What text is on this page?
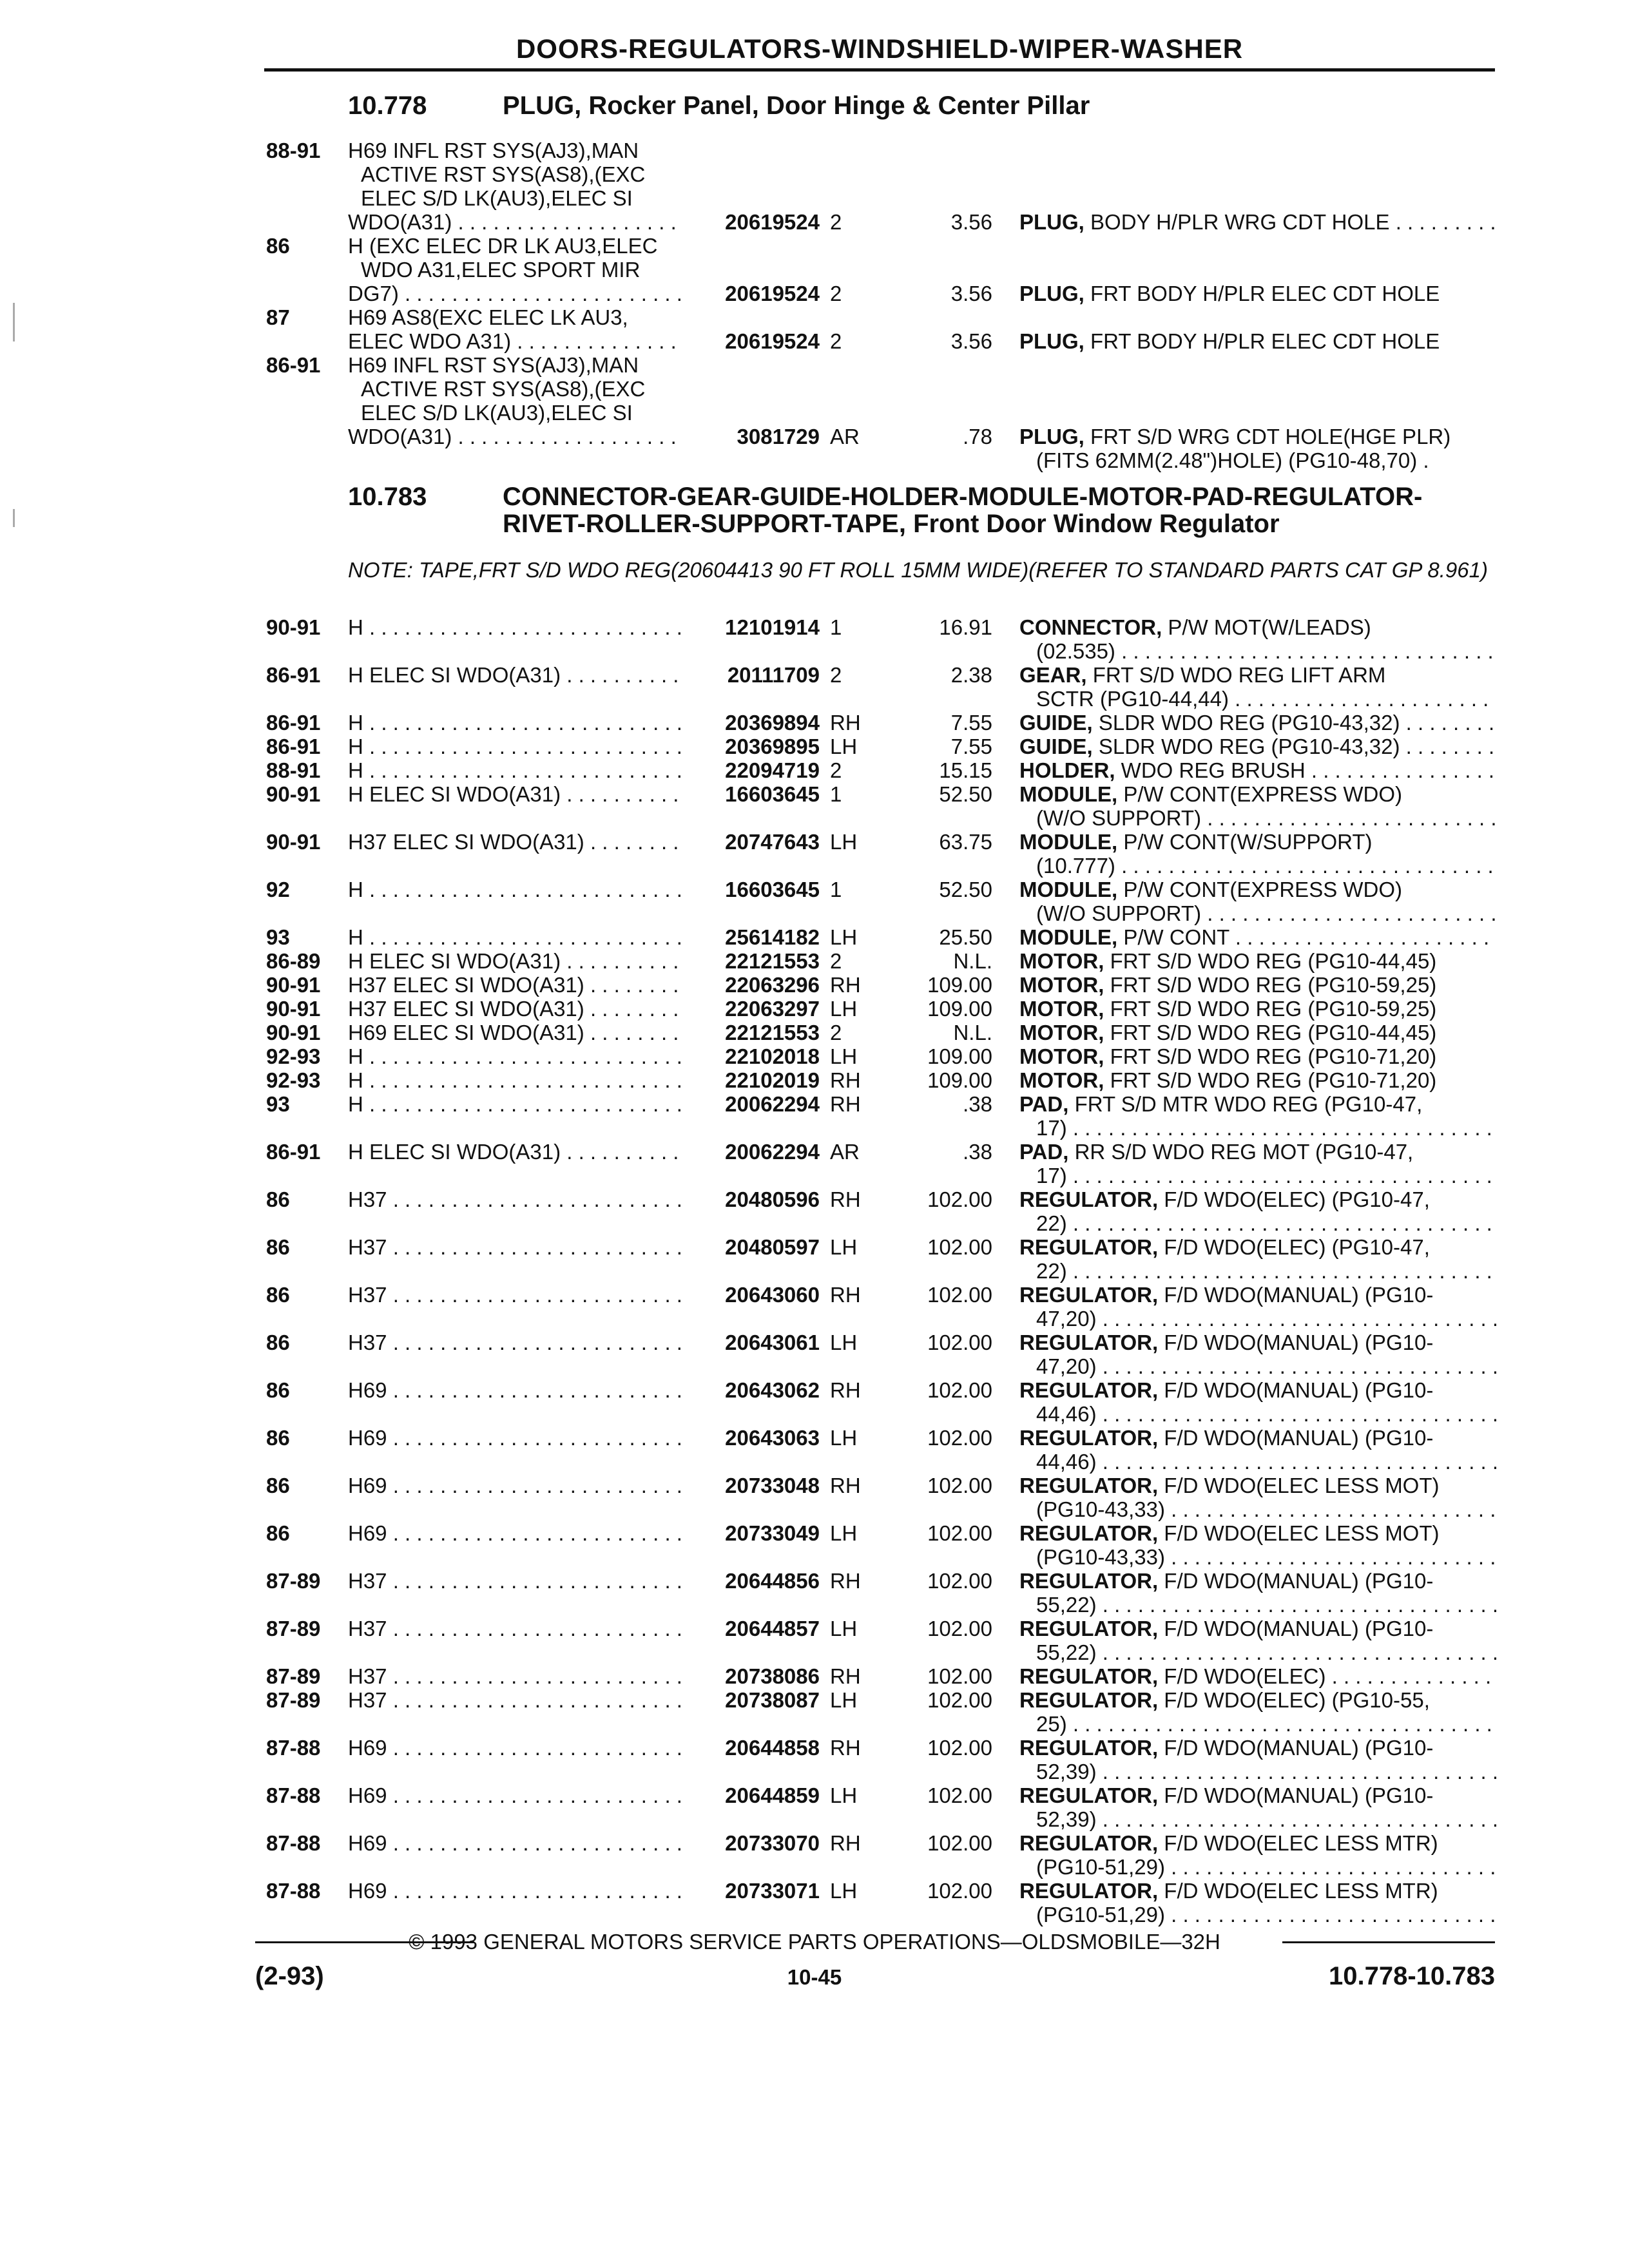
DOORS-REGULATORS-WINDSHIELD-WIPER-WASHER
10.778	PLUG, Rocker Panel, Door Hinge & Center Pillar
88-91 H69 INFL RST SYS(AJ3),MAN
ACTIVE RST SYS(AS8),(EXC
ELEC S/D LK(AU3),ELEC SI
WDO(A31) . . .	20619524 2	3.56 PLUG, BODY H/PLR WRG CDT HOLE . . .
86	H (EXC ELEC DR LK AU3,ELEC
WDO A31,ELEC SPORT MIR
DG7) . . .	20619524 2	3.56 PLUG, FRT BODY H/PLR ELEC CDT HOLE
87	H69 AS8(EXC ELEC LK AU3,
ELEC WDO A31) . . .	20619524 2	3.56 PLUG, FRT BODY H/PLR ELEC CDT HOLE
86-91 H69 INFL RST SYS(AJ3),MAN
ACTIVE RST SYS(AS8),(EXC
ELEC S/D LK(AU3),ELEC SI
WDO(A31) . . .	3081729 AR	.78 PLUG, FRT S/D WRG CDT HOLE(HGE PLR)
(FITS 62MM(2.48")HOLE) (PG10-48,70) .
10.783	CONNECTOR-GEAR-GUIDE-HOLDER-MODULE-MOTOR-PAD-REGULATOR-RIVET-ROLLER-SUPPORT-TAPE, Front Door Window Regulator
NOTE: TAPE,FRT S/D WDO REG(20604413 90 FT ROLL 15MM WIDE)(REFER TO STANDARD PARTS CAT GP 8.961)
90-91 H . . .	12101914 1	16.91 CONNECTOR, P/W MOT(W/LEADS)
(02.535) . . .
86-91 H ELEC SI WDO(A31) . . .	20111709 2	2.38 GEAR, FRT S/D WDO REG LIFT ARM
SCTR (PG10-44,44) . . .
86-91 H . . .	20369894 RH	7.55 GUIDE, SLDR WDO REG (PG10-43,32) . . .
86-91 H . . .	20369895 LH	7.55 GUIDE, SLDR WDO REG (PG10-43,32) . . .
88-91 H . . .	22094719 2	15.15 HOLDER, WDO REG BRUSH . . .
90-91 H ELEC SI WDO(A31) . . .	16603645 1	52.50 MODULE, P/W CONT(EXPRESS WDO)
(W/O SUPPORT) . . .
90-91 H37 ELEC SI WDO(A31) . . .	20747643 LH	63.75 MODULE, P/W CONT(W/SUPPORT)
(10.777) . . .
92	H . . .	16603645 1	52.50 MODULE, P/W CONT(EXPRESS WDO)
(W/O SUPPORT) . . .
93	H . . .	25614182 LH	25.50 MODULE, P/W CONT . . .
86-89 H ELEC SI WDO(A31) . . .	22121553 2	N.L. MOTOR, FRT S/D WDO REG (PG10-44,45)
90-91 H37 ELEC SI WDO(A31) . . .	22063296 RH	109.00 MOTOR, FRT S/D WDO REG (PG10-59,25)
90-91 H37 ELEC SI WDO(A31) . . .	22063297 LH	109.00 MOTOR, FRT S/D WDO REG (PG10-59,25)
90-91 H69 ELEC SI WDO(A31) . . .	22121553 2	N.L. MOTOR, FRT S/D WDO REG (PG10-44,45)
92-93 H . . .	22102018 LH	109.00 MOTOR, FRT S/D WDO REG (PG10-71,20)
92-93 H . . .	22102019 RH	109.00 MOTOR, FRT S/D WDO REG (PG10-71,20)
93	H . . .	20062294 RH	.38 PAD, FRT S/D MTR WDO REG (PG10-47,
17) . . .
86-91 H ELEC SI WDO(A31) . . .	20062294 AR	.38 PAD, RR S/D WDO REG MOT (PG10-47,
17) . . .
86	H37 . . .	20480596 RH	102.00 REGULATOR, F/D WDO(ELEC) (PG10-47,
22) . . .
86	H37 . . .	20480597 LH	102.00 REGULATOR, F/D WDO(ELEC) (PG10-47,
22) . . .
86	H37 . . .	20643060 RH	102.00 REGULATOR, F/D WDO(MANUAL) (PG10-
47,20) . . .
86	H37 . . .	20643061 LH	102.00 REGULATOR, F/D WDO(MANUAL) (PG10-
47,20) . . .
86	H69 . . .	20643062 RH	102.00 REGULATOR, F/D WDO(MANUAL) (PG10-
44,46) . . .
86	H69 . . .	20643063 LH	102.00 REGULATOR, F/D WDO(MANUAL) (PG10-
44,46) . . .
86	H69 . . .	20733048 RH	102.00 REGULATOR, F/D WDO(ELEC LESS MOT)
(PG10-43,33) . . .
86	H69 . . .	20733049 LH	102.00 REGULATOR, F/D WDO(ELEC LESS MOT)
(PG10-43,33) . . .
87-89 H37 . . .	20644856 RH	102.00 REGULATOR, F/D WDO(MANUAL) (PG10-
55,22) . . .
87-89 H37 . . .	20644857 LH	102.00 REGULATOR, F/D WDO(MANUAL) (PG10-
55,22) . . .
87-89 H37 . . .	20738086 RH	102.00 REGULATOR, F/D WDO(ELEC) . . .
87-89 H37 . . .	20738087 LH	102.00 REGULATOR, F/D WDO(ELEC) (PG10-55,
25) . . .
87-88 H69 . . .	20644858 RH	102.00 REGULATOR, F/D WDO(MANUAL) (PG10-
52,39) . . .
87-88 H69 . . .	20644859 LH	102.00 REGULATOR, F/D WDO(MANUAL) (PG10-
52,39) . . .
87-88 H69 . . .	20733070 RH	102.00 REGULATOR, F/D WDO(ELEC LESS MTR)
(PG10-51,29) . . .
87-88 H69 . . .	20733071 LH	102.00 REGULATOR, F/D WDO(ELEC LESS MTR)
(PG10-51,29) . . .
© 1993 GENERAL MOTORS SERVICE PARTS OPERATIONS—OLDSMOBILE—32H
(2-93)	10-45	10.778-10.783
